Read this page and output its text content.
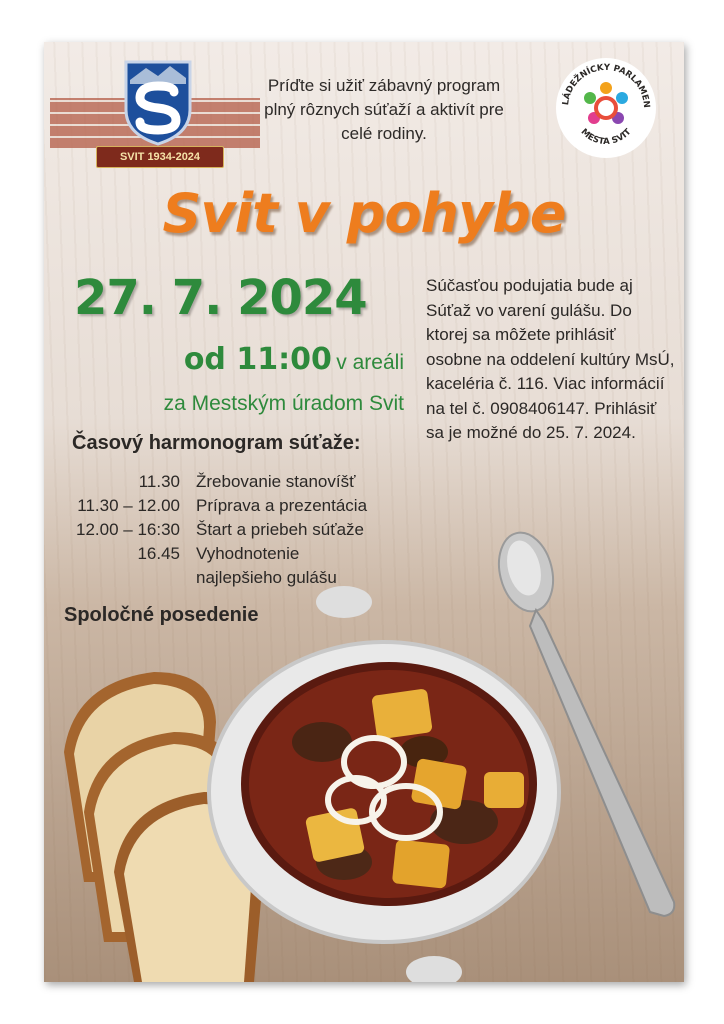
SVIT 1934-2024
Príďte si užiť zábavný program plný rôznych súťaží a aktivít pre celé rodiny.
LÁDEŽNÍCKY PARLAMEN
MESTA SVIT
Svit v pohybe
27. 7. 2024
od 11:00 v areáli
za Mestským úradom Svit
Časový harmonogram súťaže:
11.30 Žrebovanie stanovíšť
11.30 – 12.00 Príprava a prezentácia
12.00 – 16:30 Štart a priebeh súťaže
16.45 Vyhodnotenie
najlepšieho gulášu
Spoločné posedenie
Súčasťou podujatia bude aj Súťaž vo varení gulášu. Do ktorej sa môžete prihlásiť osobne na oddelení kultúry MsÚ, kaceléria č. 116. Viac informácií na tel č. 0908406147. Prihlásiť sa je možné do 25. 7. 2024.
